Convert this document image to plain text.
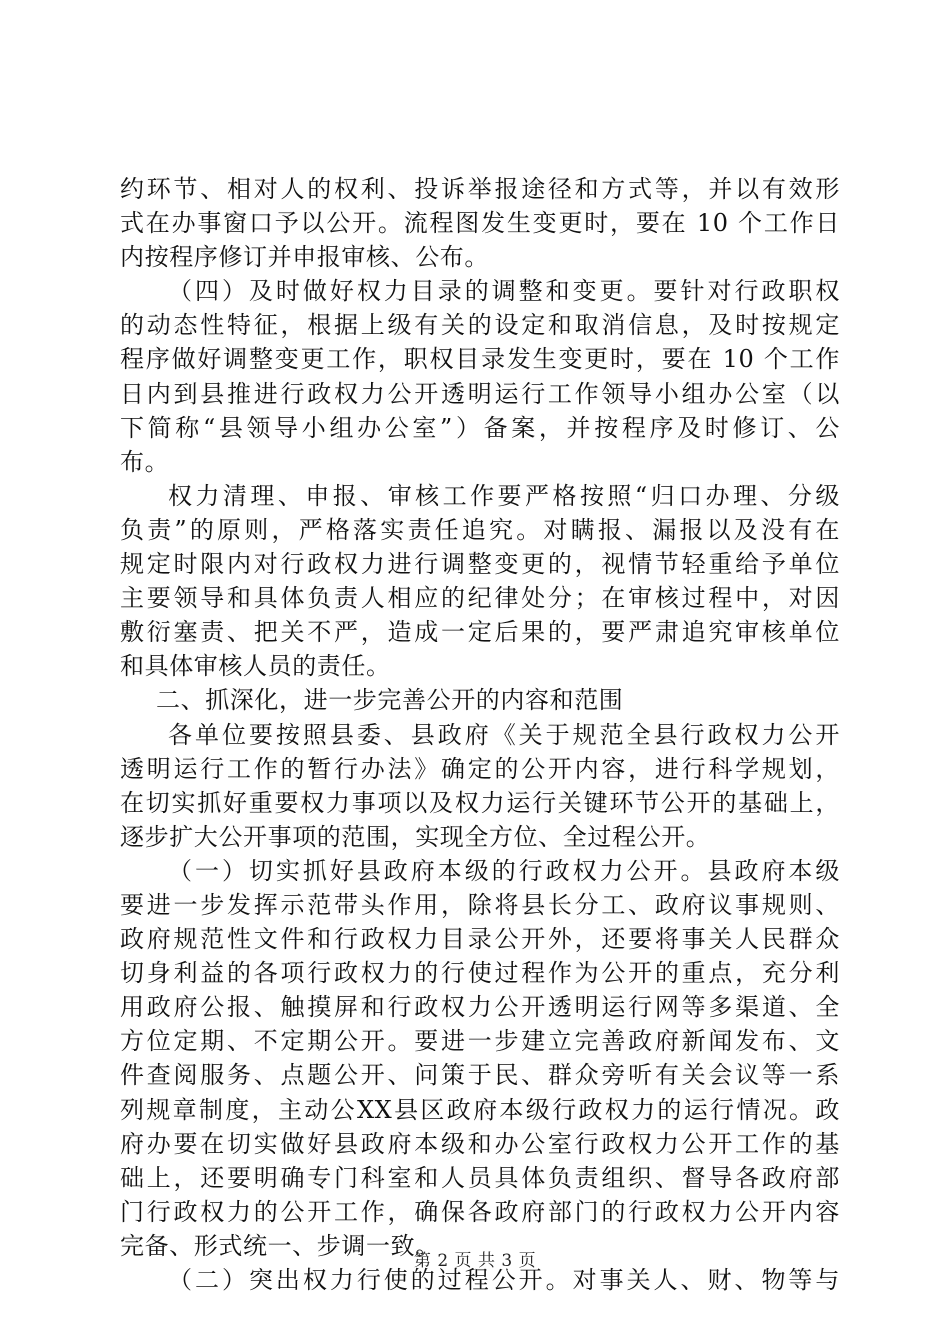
约环节、相对人的权利、投诉举报途径和方式等，并以有效形
式在办事窗口予以公开。流程图发生变更时，要在 10 个工作日
内按程序修订并申报审核、公布。
（四）及时做好权力目录的调整和变更。要针对行政职权
的动态性特征，根据上级有关的设定和取消信息，及时按规定
程序做好调整变更工作，职权目录发生变更时，要在 10 个工作
日内到县推进行政权力公开透明运行工作领导小组办公室（以
下简称“县领导小组办公室”）备案，并按程序及时修订、公
布。
权力清理、申报、审核工作要严格按照“归口办理、分级
负责”的原则，严格落实责任追究。对瞒报、漏报以及没有在
规定时限内对行政权力进行调整变更的，视情节轻重给予单位
主要领导和具体负责人相应的纪律处分；在审核过程中，对因
敷衍塞责、把关不严，造成一定后果的，要严肃追究审核单位
和具体审核人员的责任。
二、抓深化，进一步完善公开的内容和范围
各单位要按照县委、县政府《关于规范全县行政权力公开
透明运行工作的暂行办法》确定的公开内容，进行科学规划，
在切实抓好重要权力事项以及权力运行关键环节公开的基础上，
逐步扩大公开事项的范围，实现全方位、全过程公开。
（一）切实抓好县政府本级的行政权力公开。县政府本级
要进一步发挥示范带头作用，除将县长分工、政府议事规则、
政府规范性文件和行政权力目录公开外，还要将事关人民群众
切身利益的各项行政权力的行使过程作为公开的重点，充分利
用政府公报、触摸屏和行政权力公开透明运行网等多渠道、全
方位定期、不定期公开。要进一步建立完善政府新闻发布、文
件查阅服务、点题公开、问策于民、群众旁听有关会议等一系
列规章制度，主动公XX县区政府本级行政权力的运行情况。政
府办要在切实做好县政府本级和办公室行政权力公开工作的基
础上，还要明确专门科室和人员具体负责组织、督导各政府部
门行政权力的公开工作，确保各政府部门的行政权力公开内容
完备、形式统一、步调一致。
（二）突出权力行使的过程公开。对事关人、财、物等与
第 2 页 共 3 页
